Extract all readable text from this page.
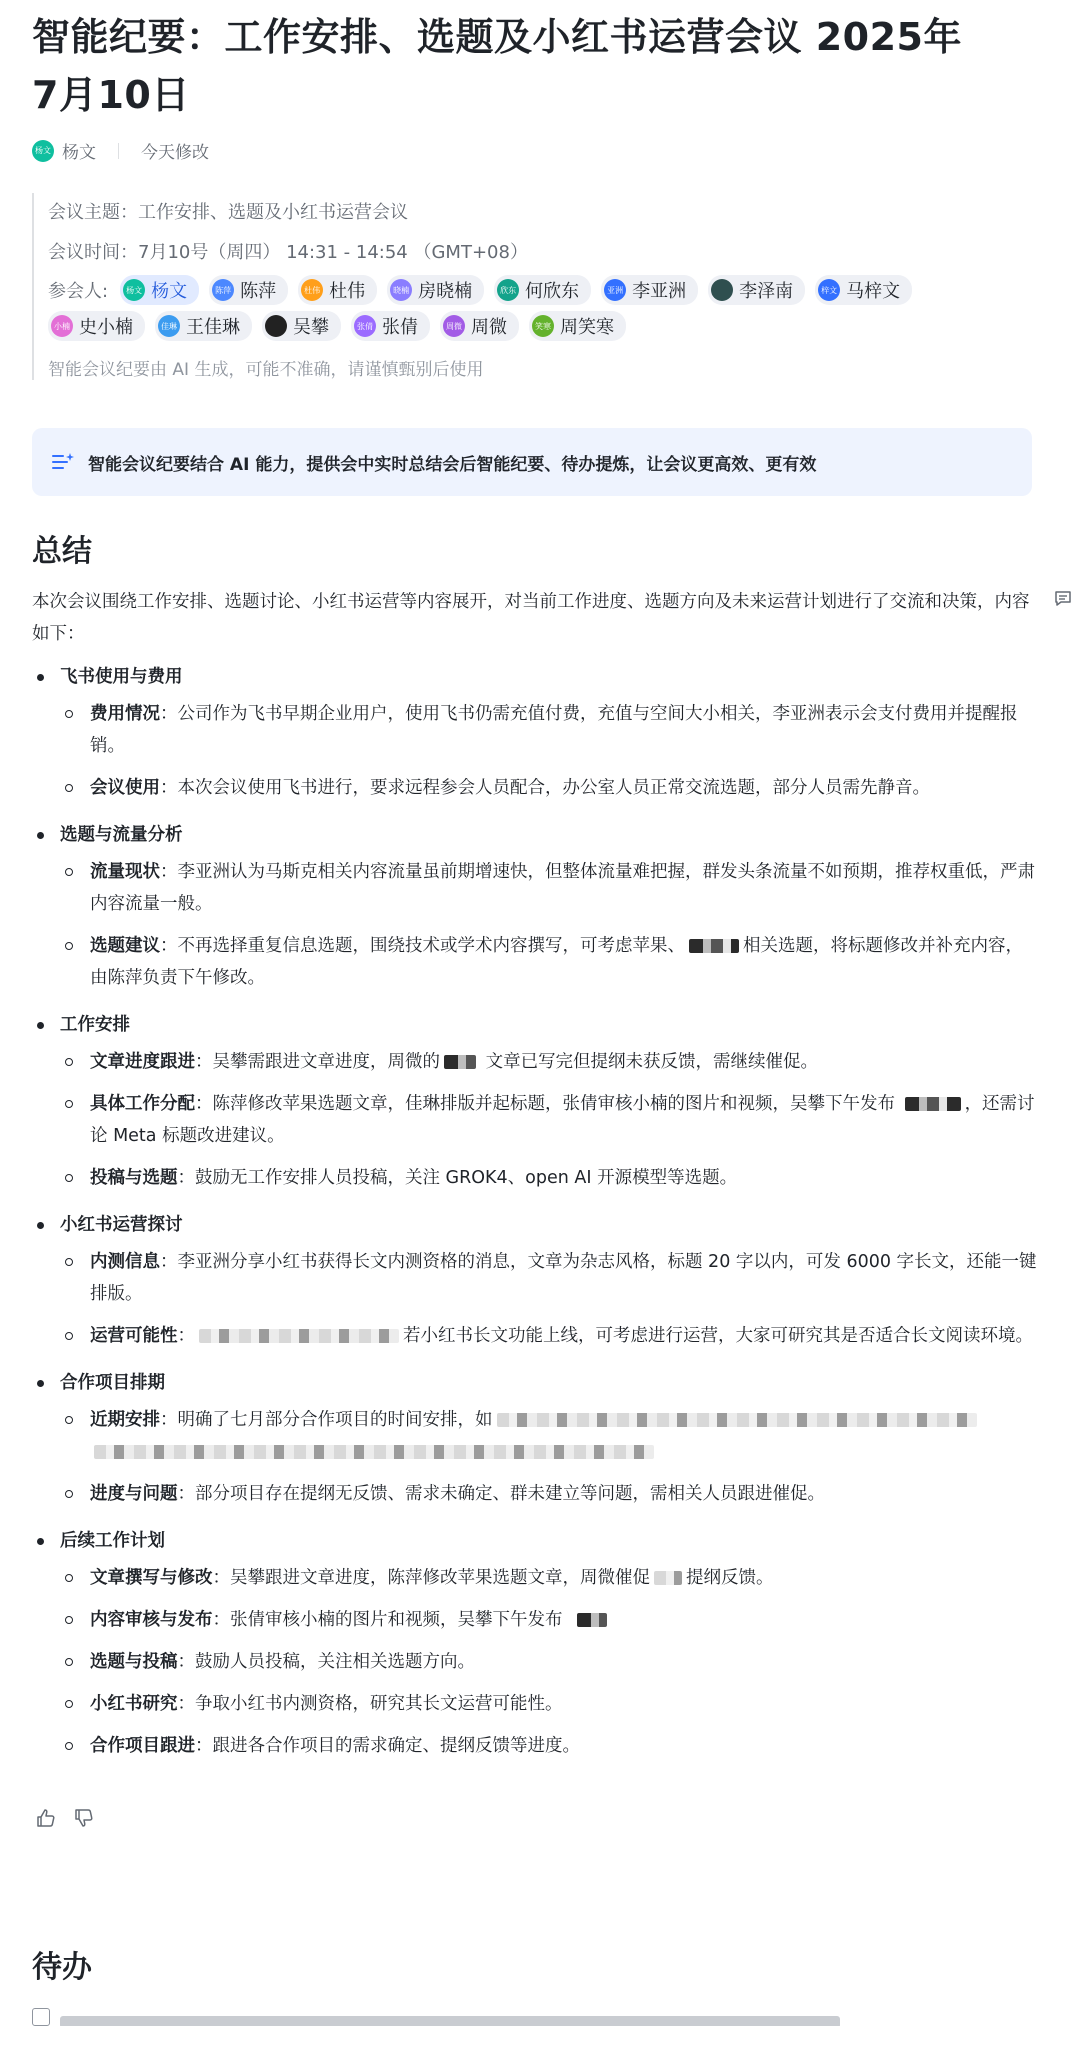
智能纪要：工作安排、选题及小红书运营会议 2025年
7月10日
杨文 杨文	今天修改
会议主题：工作安排、选题及小红书运营会议
会议时间：7月10号（周四） 14:31 - 14:54 （GMT+08）
参会人:	杨文 杨文	陈萍 陈萍	杜伟 杜伟	晓楠 房晓楠	欣东 何欣东	亚洲 李亚洲	李泽南	梓文 马梓文
小楠 史小楠	佳琳 王佳琳	吴攀	张倩 张倩	周微 周微	笑寒 周笑寒
智能会议纪要由 AI 生成，可能不准确，请谨慎甄别后使用
智能会议纪要结合 AI 能力，提供会中实时总结会后智能纪要、待办提炼，让会议更高效、更有效
总结
本次会议围绕工作安排、选题讨论、小红书运营等内容展开，对当前工作进度、选题方向及未来运营计划进行了交流和决策，内容如下：
飞书使用与费用
费用情况：公司作为飞书早期企业用户，使用飞书仍需充值付费，充值与空间大小相关，李亚洲表示会支付费用并提醒报销。
会议使用：本次会议使用飞书进行，要求远程参会人员配合，办公室人员正常交流选题，部分人员需先静音。
选题与流量分析
流量现状：李亚洲认为马斯克相关内容流量虽前期增速快，但整体流量难把握，群发头条流量不如预期，推荐权重低，严肃内容流量一般。
选题建议：不再选择重复信息选题，围绕技术或学术内容撰写，可考虑苹果、	相关选题，将标题修改并补充内容，由陈萍负责下午修改。
工作安排
文章进度跟进：吴攀需跟进文章进度，周微的 文章已写完但提纲未获反馈，需继续催促。
具体工作分配：陈萍修改苹果选题文章，佳琳排版并起标题，张倩审核小楠的图片和视频，吴攀下午发布	，还需讨论 Meta 标题改进建议。
投稿与选题：鼓励无工作安排人员投稿，关注 GROK4、open AI 开源模型等选题。
小红书运营探讨
内测信息：李亚洲分享小红书获得长文内测资格的消息，文章为杂志风格，标题 20 字以内，可发 6000 字长文，还能一键排版。
运营可能性：	若小红书长文功能上线，可考虑进行运营，大家可研究其是否适合长文阅读环境。
合作项目排期
近期安排：明确了七月部分合作项目的时间安排，如

进度与问题：部分项目存在提纲无反馈、需求未确定、群未建立等问题，需相关人员跟进催促。
后续工作计划
文章撰写与修改：吴攀跟进文章进度，陈萍修改苹果选题文章，周微催促 提纲反馈。
内容审核与发布：张倩审核小楠的图片和视频，吴攀下午发布
选题与投稿：鼓励人员投稿，关注相关选题方向。
小红书研究：争取小红书内测资格，研究其长文运营可能性。
合作项目跟进：跟进各合作项目的需求确定、提纲反馈等进度。
待办
